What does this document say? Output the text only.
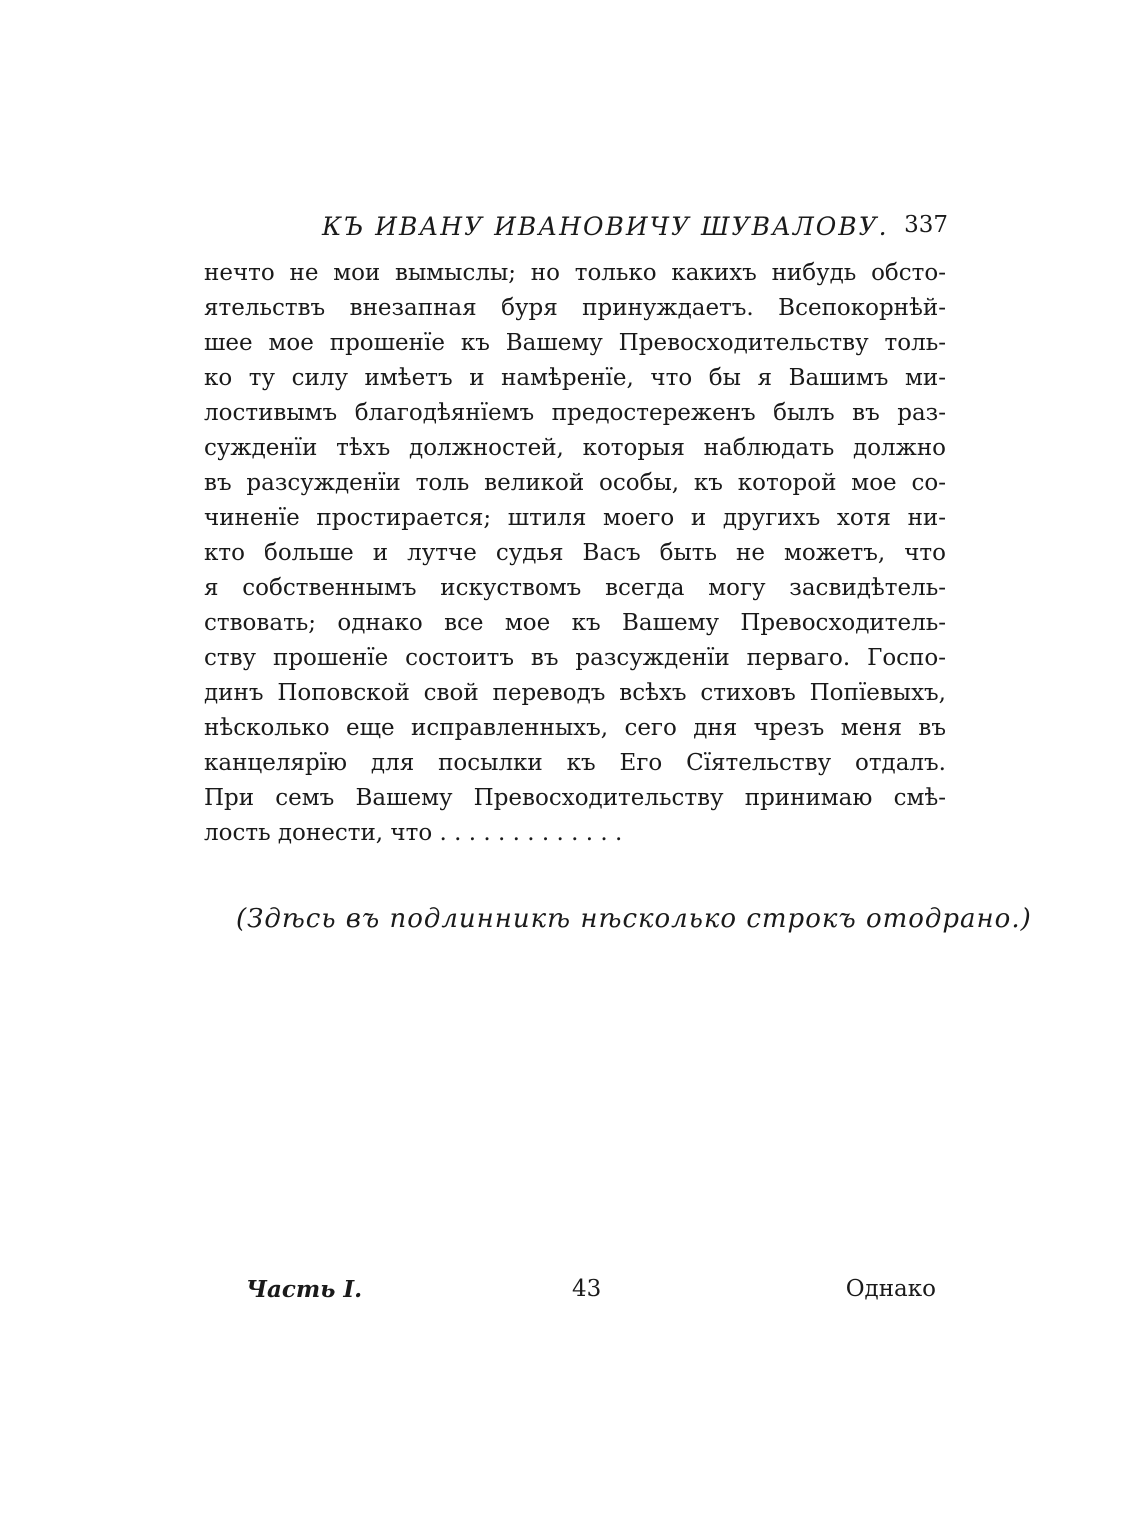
КЪ ИВАНУ ИВАНОВИЧУ ШУВАЛОВУ. 337
нечто не мои вымыслы; но только какихъ нибудь обсто-
ятельствъ внезапная буря принуждаетъ. Всепокорнѣй-
шее мое прошенїе къ Вашему Превосходительству толь-
ко ту силу имѣетъ и намѣренїе, что бы я Вашимъ ми-
лостивымъ благодѣянїемъ предостереженъ былъ въ раз-
сужденїи тѣхъ должностей, которыя наблюдать должно
въ разсужденїи толь великой особы, къ которой мое со-
чиненїе простирается; штиля моего и другихъ хотя ни-
кто больше и лутче судья Васъ быть не можетъ, что
я собственнымъ искуствомъ всегда могу засвидѣтель-
ствовать; однако все мое къ Вашему Превосходитель-
ству прошенїе состоитъ въ разсужденїи перваго. Госпо-
динъ Поповской свой переводъ всѣхъ стиховъ Попїевыхъ,
нѣсколько еще исправленныхъ, сего дня чрезъ меня въ
канцелярїю для посылки къ Его Сїятельству отдалъ.
При семъ Вашему Превосходительству принимаю смѣ-
лость донести, что . . . . . . . . . . . . .
(Здѣсь въ подлинникѣ нѣсколько строкъ отодрано.)
Часть I.	43	Однако
